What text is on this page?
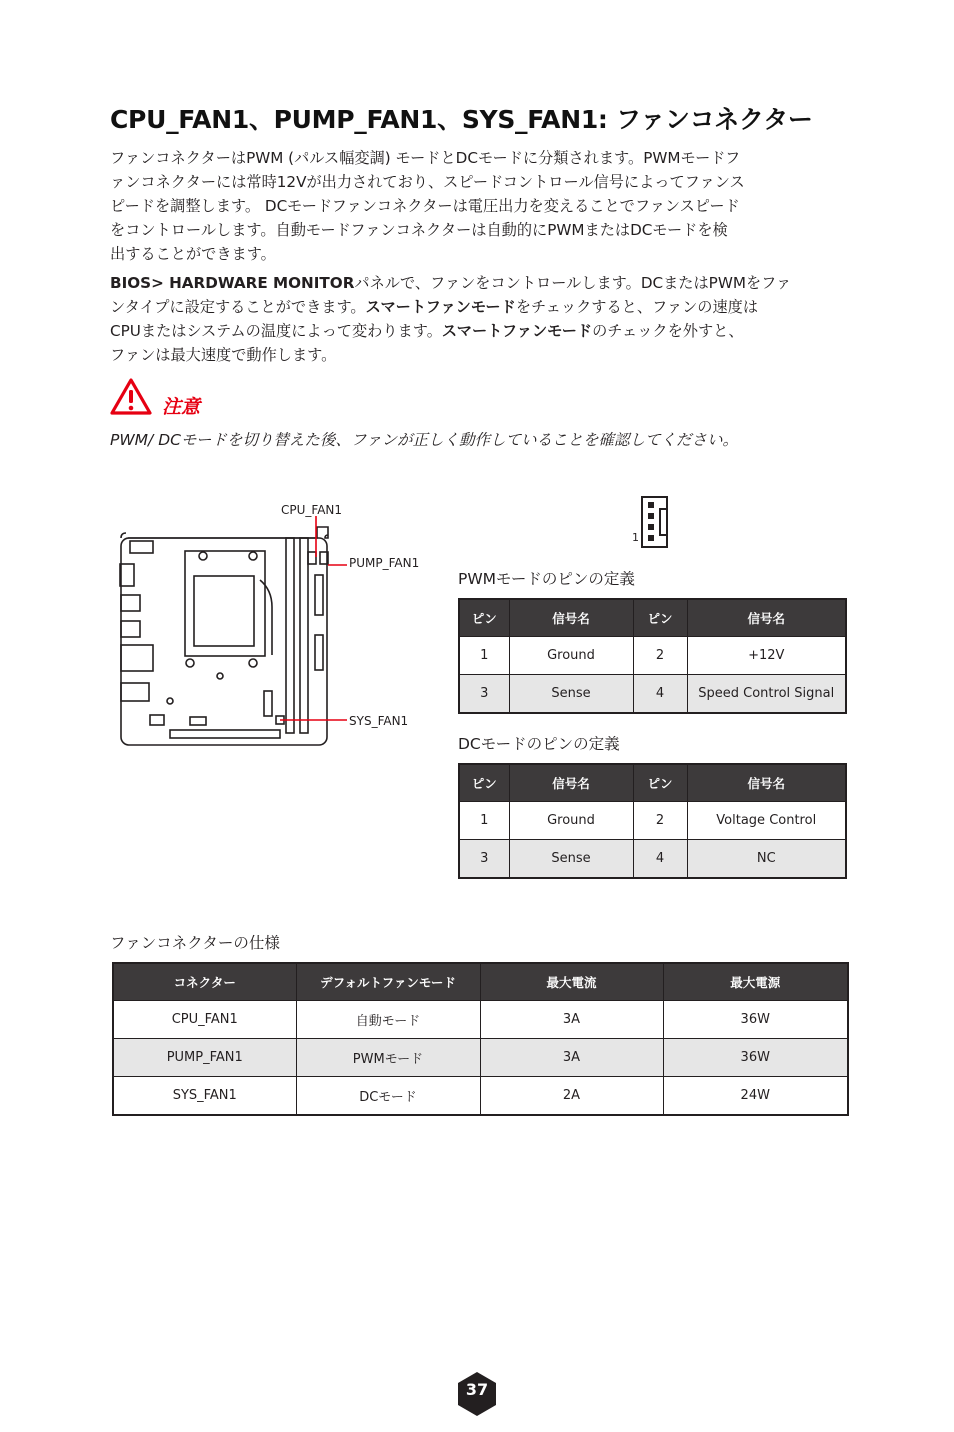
CPU_FAN1、PUMP_FAN1、SYS_FAN1: ファンコネクター
ファンコネクターはPWM (パルス幅変調) モードとDCモードに分類されます。PWMモードフ
ァンコネクターには常時12Vが出力されており、スピードコントロール信号によってファンス
ピードを調整します。 DCモードファンコネクターは電圧出力を変えることでファンスピード
をコントロールします。自動モードファンコネクターは自動的にPWMまたはDCモードを検
出することができます。
BIOS> HARDWARE MONITORパネルで、ファンをコントロールします。DCまたはPWMをファ
ンタイプに設定することができます。スマートファンモードをチェックすると、ファンの速度は
CPUまたはシステムの温度によって変わります。スマートファンモードのチェックを外すと、
ファンは最大速度で動作します。
注意
PWM/ DCモードを切り替えた後、ファンが正しく動作していることを確認してください。
CPU_FAN1
PUMP_FAN1
SYS_FAN1
1
PWMモードのピンの定義
ピン	信号名	ピン	信号名
1	Ground	2	+12V
3	Sense	4	Speed Control Signal
DCモードのピンの定義
ピン	信号名	ピン	信号名
1	Ground	2	Voltage Control
3	Sense	4	NC
ファンコネクターの仕様
コネクター	デフォルトファンモード	最大電流	最大電源
CPU_FAN1	自動モード	3A	36W
PUMP_FAN1	PWMモード	3A	36W
SYS_FAN1	DCモード	2A	24W
37
